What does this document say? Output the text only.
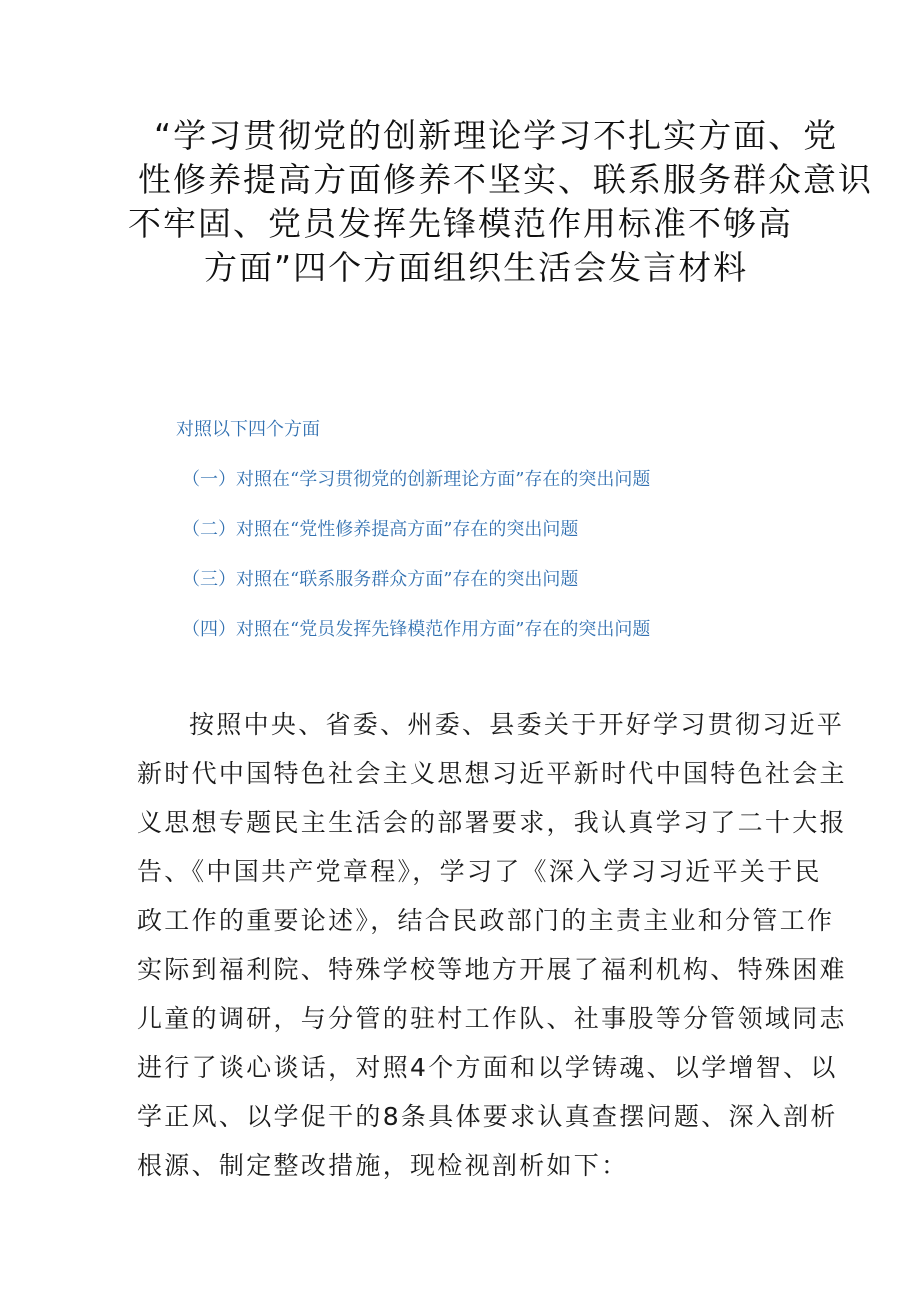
“学习贯彻党的创新理论学习不扎实方面、党
性修养提高方面修养不坚实、联系服务群众意识
不牢固、党员发挥先锋模范作用标准不够高
方面”四个方面组织生活会发言材料
对照以下四个方面
（一）对照在“学习贯彻党的创新理论方面”存在的突出问题
（二）对照在“党性修养提高方面”存在的突出问题
（三）对照在“联系服务群众方面”存在的突出问题
（四）对照在“党员发挥先锋模范作用方面”存在的突出问题
按照中央、省委、州委、县委关于开好学习贯彻习近平
新时代中国特色社会主义思想习近平新时代中国特色社会主
义思想专题民主生活会的部署要求，我认真学习了二十大报
告、《中国共产党章程》，学习了《深入学习习近平关于民
政工作的重要论述》，结合民政部门的主责主业和分管工作
实际到福利院、特殊学校等地方开展了福利机构、特殊困难
儿童的调研，与分管的驻村工作队、社事股等分管领域同志
进行了谈心谈话，对照4个方面和以学铸魂、以学增智、以
学正风、以学促干的8条具体要求认真查摆问题、深入剖析
根源、制定整改措施，现检视剖析如下：
